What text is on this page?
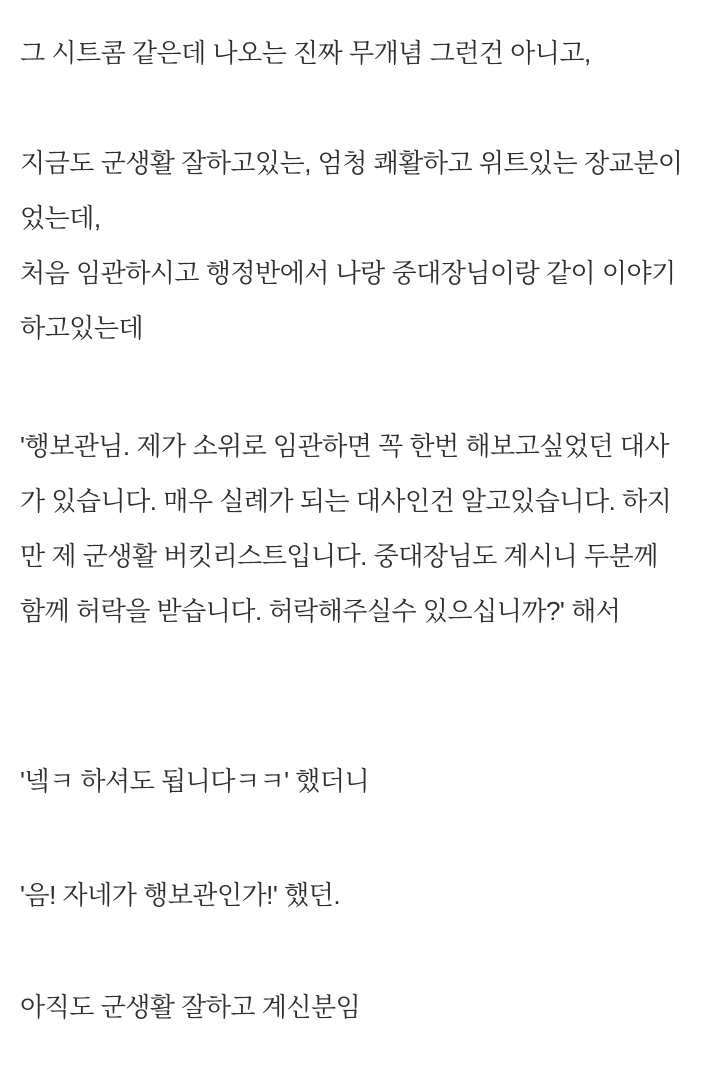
그 시트콤 같은데 나오는 진짜 무개념 그런건 아니고,
지금도 군생활 잘하고있는, 엄청 쾌활하고 위트있는 장교분이
었는데,
처음 임관하시고 행정반에서 나랑 중대장님이랑 같이 이야기
하고있는데
'행보관님. 제가 소위로 임관하면 꼭 한번 해보고싶었던 대사
가 있습니다. 매우 실례가 되는 대사인건 알고있습니다. 하지
만 제 군생활 버킷리스트입니다. 중대장님도 계시니 두분께
함께 허락을 받습니다. 허락해주실수 있으십니까?' 해서
'넼ㅋ 하셔도 됩니다ㅋㅋ' 했더니
'음! 자네가 행보관인가!' 했던.
아직도 군생활 잘하고 계신분임
